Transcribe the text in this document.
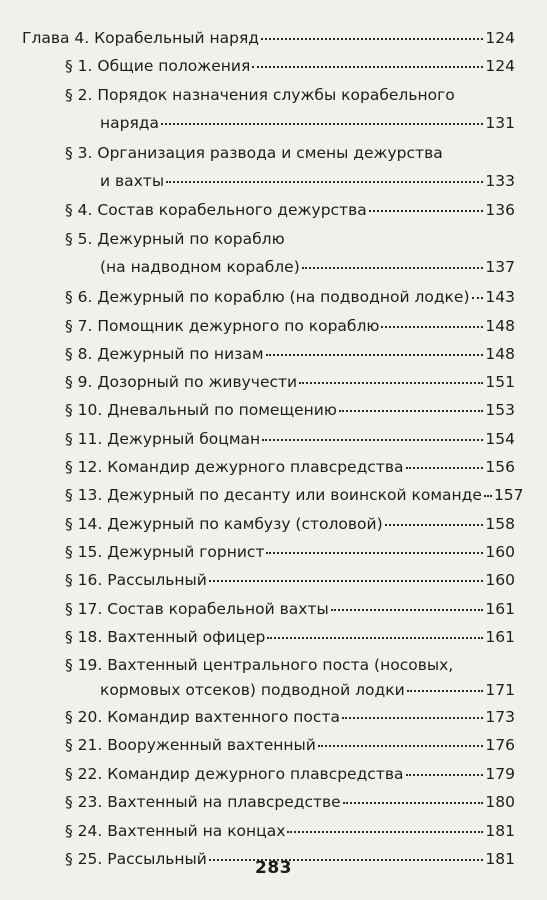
Глава 4. Корабельный наряд	124
§ 1. Общие положения	124
§ 2. Порядок назначения службы корабельного
наряда	131
§ 3. Организация развода и смены дежурства
и вахты	133
§ 4. Состав корабельного дежурства	136
§ 5. Дежурный по кораблю
(на надводном корабле)	137
§ 6. Дежурный по кораблю (на подводной лодке) 143
§ 7. Помощник дежурного по кораблю	148
§ 8. Дежурный по низам	148
§ 9. Дозорный по живучести	151
§ 10. Дневальный по помещению	153
§ 11. Дежурный боцман	154
§ 12. Командир дежурного плавсредства	156
§ 13. Дежурный по десанту или воинской команде 157
§ 14. Дежурный по камбузу (столовой)	158
§ 15. Дежурный горнист	160
§ 16. Рассыльный	160
§ 17. Состав корабельной вахты	161
§ 18. Вахтенный офицер	161
§ 19. Вахтенный центрального поста (носовых,
кормовых отсеков) подводной лодки	171
§ 20. Командир вахтенного поста	173
§ 21. Вооруженный вахтенный	176
§ 22. Командир дежурного плавсредства	179
§ 23. Вахтенный на плавсредстве	180
§ 24. Вахтенный на концах	181
§ 25. Рассыльный	181
283
